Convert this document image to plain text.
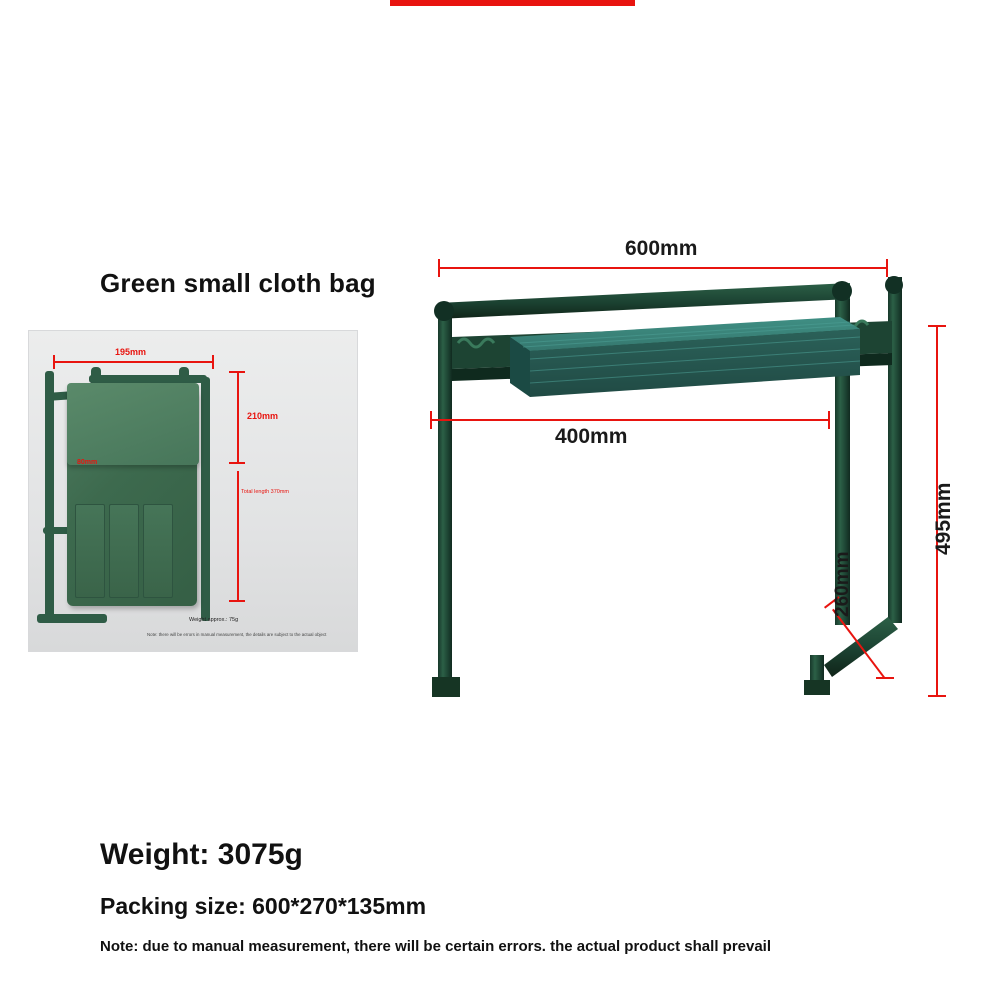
Green small cloth bag
195mm
210mm
Total length 370mm
80mm
Weight approx.: 75g
Note: there will be errors in manual measurement, the details are subject to the actual object
600mm
400mm
495mm
260mm
Weight: 3075g
Packing size: 600*270*135mm
Note: due to manual measurement, there will be certain errors. the actual product shall prevail
